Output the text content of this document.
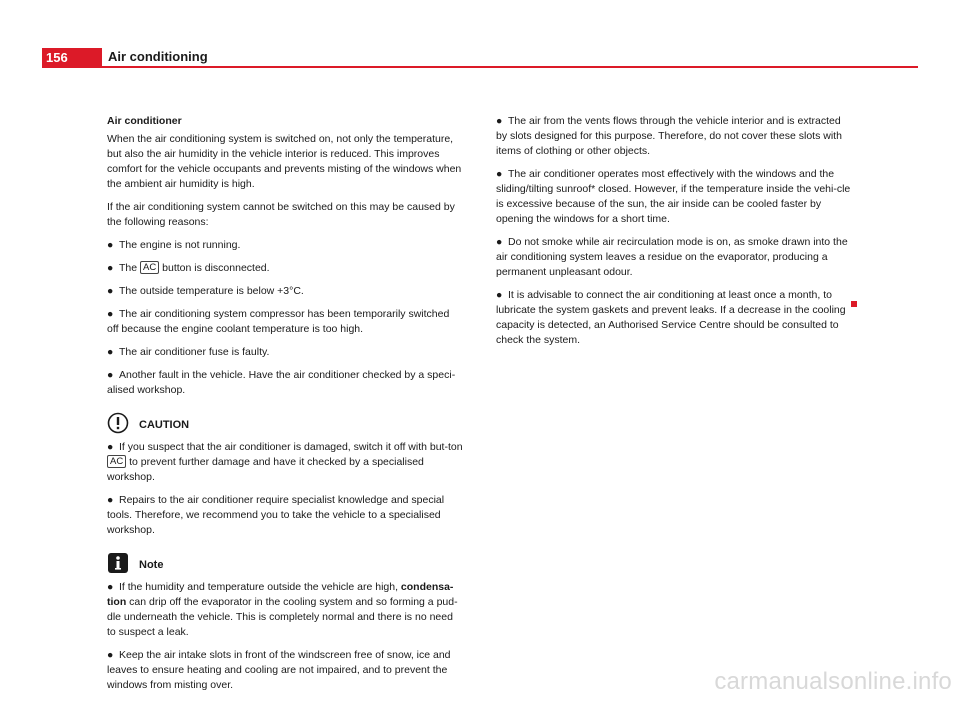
156	Air conditioning

Air conditioner

When the air conditioning system is switched on, not only the temperature, but also the air humidity in the vehicle interior is reduced. This improves comfort for the vehicle occupants and prevents misting of the windows when the ambient air humidity is high.

If the air conditioning system cannot be switched on this may be caused by the following reasons:

● The engine is not running.

● The AC button is disconnected.

● The outside temperature is below +3°C.

● The air conditioning system compressor has been temporarily switched off because the engine coolant temperature is too high.

● The air conditioner fuse is faulty.

● Another fault in the vehicle. Have the air conditioner checked by a speci-alised workshop.

CAUTION

● If you suspect that the air conditioner is damaged, switch it off with but-ton AC to prevent further damage and have it checked by a specialised workshop.

● Repairs to the air conditioner require specialist knowledge and special tools. Therefore, we recommend you to take the vehicle to a specialised workshop.

Note

● If the humidity and temperature outside the vehicle are high, condensa-tion can drip off the evaporator in the cooling system and so forming a pud-dle underneath the vehicle. This is completely normal and there is no need to suspect a leak.

● Keep the air intake slots in front of the windscreen free of snow, ice and leaves to ensure heating and cooling are not impaired, and to prevent the windows from misting over.

● The air from the vents flows through the vehicle interior and is extracted by slots designed for this purpose. Therefore, do not cover these slots with items of clothing or other objects.

● The air conditioner operates most effectively with the windows and the sliding/tilting sunroof* closed. However, if the temperature inside the vehi-cle is excessive because of the sun, the air inside can be cooled faster by opening the windows for a short time.

● Do not smoke while air recirculation mode is on, as smoke drawn into the air conditioning system leaves a residue on the evaporator, producing a permanent unpleasant odour.

● It is advisable to connect the air conditioning at least once a month, to lubricate the system gaskets and prevent leaks. If a decrease in the cooling capacity is detected, an Authorised Service Centre should be consulted to check the system.

carmanualsonline.info
